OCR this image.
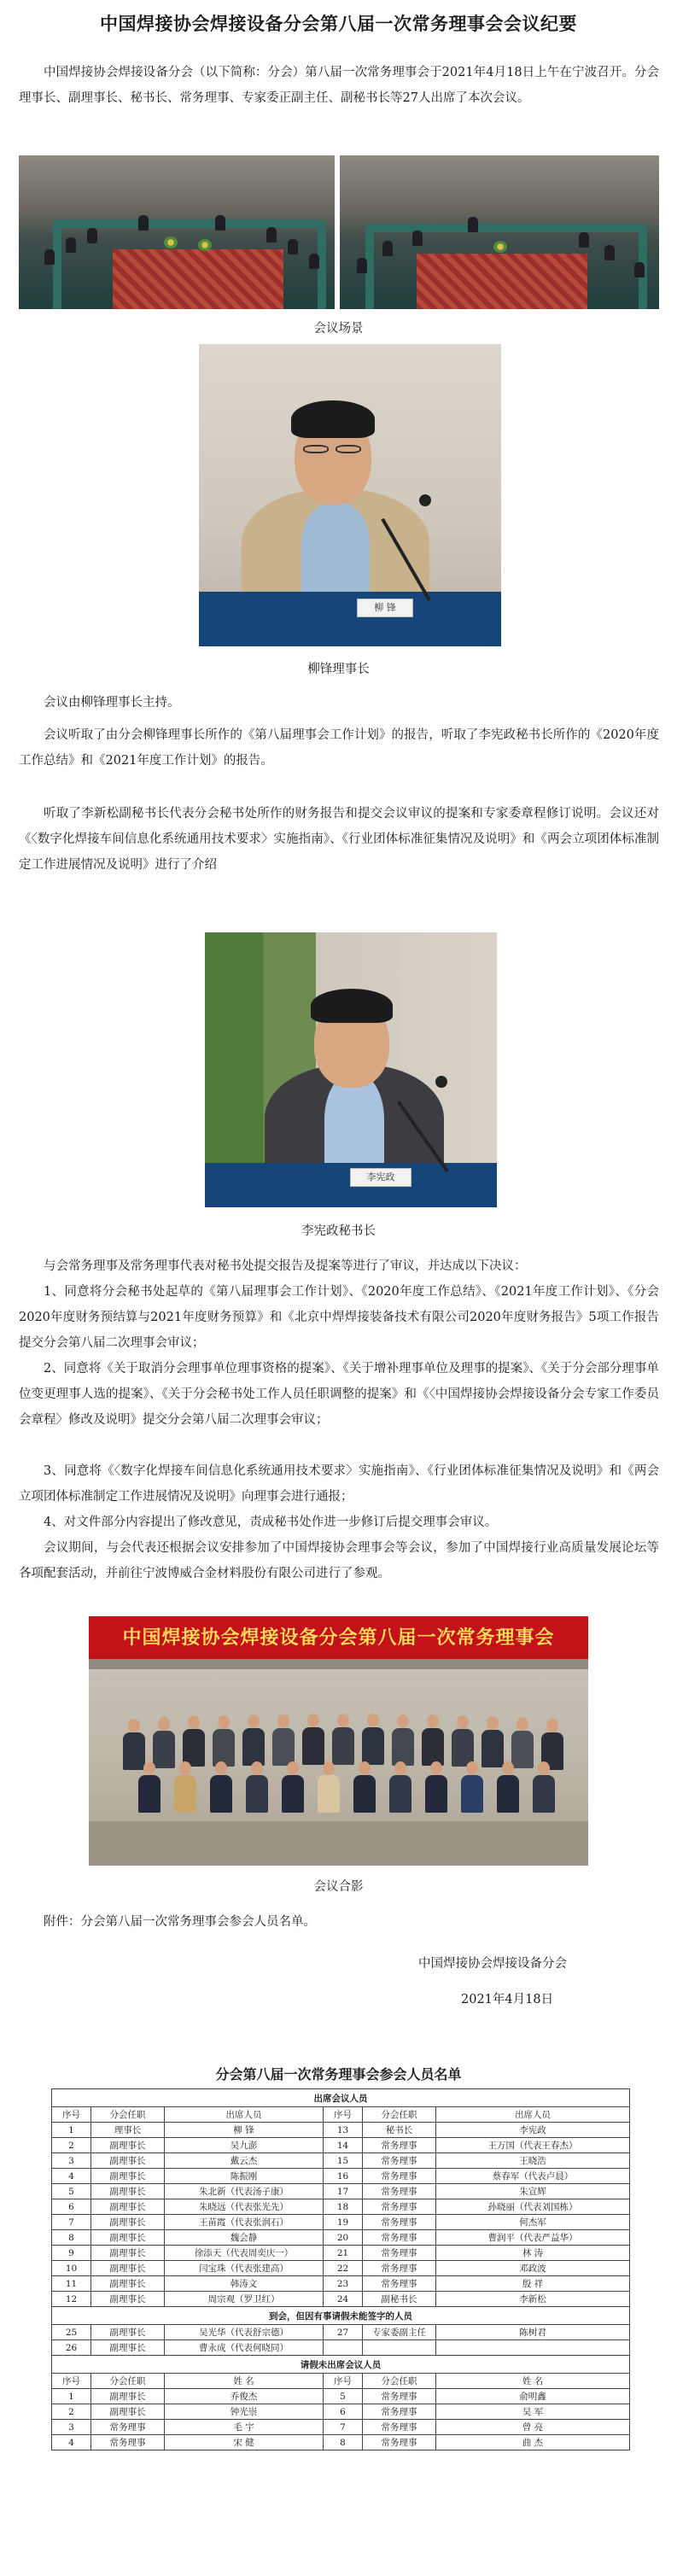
中国焊接协会焊接设备分会第八届一次常务理事会会议纪要

中国焊接协会焊接设备分会（以下简称：分会）第八届一次常务理事会于2021年4月18日上午在宁波召开。分会理事长、副理事长、秘书长、常务理事、专家委正副主任、副秘书长等27人出席了本次会议。

会议场景
柳 锋
柳锋理事长

会议由柳锋理事长主持。

会议听取了由分会柳锋理事长所作的《第八届理事会工作计划》的报告，听取了李宪政秘书长所作的《2020年度工作总结》和《2021年度工作计划》的报告。

听取了李新松副秘书长代表分会秘书处所作的财务报告和提交会议审议的提案和专家委章程修订说明。会议还对《〈数字化焊接车间信息化系统通用技术要求〉实施指南》、《行业团体标准征集情况及说明》和《两会立项团体标准制定工作进展情况及说明》进行了介绍

李宪政
李宪政秘书长

与会常务理事及常务理事代表对秘书处提交报告及提案等进行了审议，并达成以下决议：

1、同意将分会秘书处起草的《第八届理事会工作计划》、《2020年度工作总结》、《2021年度工作计划》、《分会2020年度财务预结算与2021年度财务预算》和《北京中焊焊接装备技术有限公司2020年度财务报告》5项工作报告提交分会第八届二次理事会审议；

2、同意将《关于取消分会理事单位理事资格的提案》、《关于增补理事单位及理事的提案》、《关于分会部分理事单位变更理事人选的提案》、《关于分会秘书处工作人员任职调整的提案》和《〈中国焊接协会焊接设备分会专家工作委员会章程〉修改及说明》提交分会第八届二次理事会审议；

3、同意将《〈数字化焊接车间信息化系统通用技术要求〉实施指南》、《行业团体标准征集情况及说明》和《两会立项团体标准制定工作进展情况及说明》向理事会进行通报；

4、对文件部分内容提出了修改意见，责成秘书处作进一步修订后提交理事会审议。

会议期间，与会代表还根据会议安排参加了中国焊接协会理事会等会议，参加了中国焊接行业高质量发展论坛等各项配套活动，并前往宁波博威合金材料股份有限公司进行了参观。

中国焊接协会焊接设备分会第八届一次常务理事会
会议合影

附件：分会第八届一次常务理事会参会人员名单。

中国焊接协会焊接设备分会
2021年4月18日
分会第八届一次常务理事会参会人员名单
出席会议人员					
序号	分会任职	出席人员	序号	分会任职	出席人员
1	理事长	柳 锋	13	秘书长	李宪政
2	副理事长	吴九澎	14	常务理事	王万国（代表王春杰）
3	副理事长	戴云杰	15	常务理事	王晓浩
4	副理事长	陈振刚	16	常务理事	蔡春军（代表卢晨）
5	副理事长	朱北新（代表汤子康）	17	常务理事	朱宣辉
6	副理事长	朱晓远（代表张光先）	18	常务理事	孙晓丽（代表刘国栋）
7	副理事长	王苗霞（代表张润石）	19	常务理事	何杰军
8	副理事长	魏会静	20	常务理事	曹润平（代表严益华）
9	副理事长	徐添天（代表周奕庆一）	21	常务理事	林 涛
10	副理事长	闫宝珠（代表张建高）	22	常务理事	邓政波
11	副理事长	韩涛文	23	常务理事	殷 祥
12	副理事长	周宗观（罗卫红）	24	副秘书长	李新松
到会，但因有事请假未能签字的人员					
25	副理事长	吴光华（代表舒宗德）	27	专家委副主任	陈树君
26	副理事长	曹永成（代表何晓同）			
请假未出席会议人员					
序号	分会任职	姓 名	序号	分会任职	姓 名
1	副理事长	乔俊杰	5	常务理事	俞明鑫
2	副理事长	钟光崇	6	常务理事	吴 军
3	常务理事	毛 宇	7	常务理事	曾 亮
4	常务理事	宋 健	8	常务理事	曲 杰
